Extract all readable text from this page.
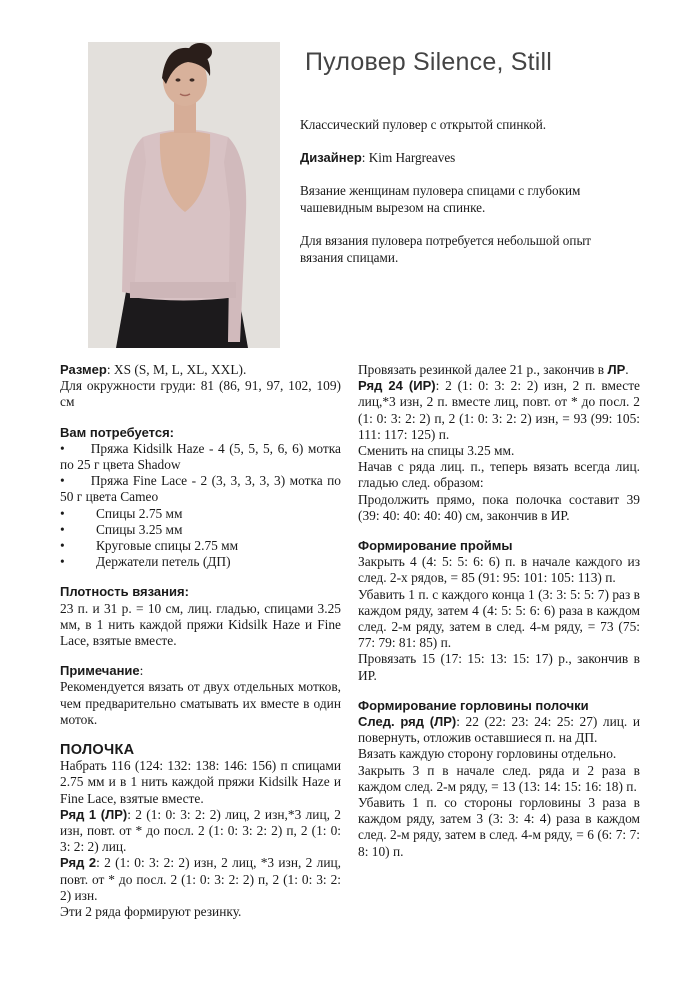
Пуловер Silence, Still

Классический пуловер с открытой спинкой.

Дизайнер: Kim Hargreaves

Вязание женщинам пуловера спицами с глубоким чашевидным вырезом на спинке.

Для вязания пуловера потребуется небольшой опыт вязания спицами.

Размер: XS (S, M, L, XL, XXL).

Для окружности груди: 81 (86, 91, 97, 102, 109) см

Вам потребуется:

• Пряжа Kidsilk Haze - 4 (5, 5, 5, 6, 6) мотка по 25 г цвета Shadow

• Пряжа Fine Lace - 2 (3, 3, 3, 3, 3) мотка по 50 г цвета Cameo

•	Спицы 2.75 мм
•	Спицы 3.25 мм
•	Круговые спицы 2.75 мм
•	Держатели петель (ДП)

Плотность вязания:

23 п. и 31 р. = 10 см, лиц. гладью, спицами 3.25 мм, в 1 нить каждой пряжи Kidsilk Haze и Fine Lace, взятые вместе.

Примечание:

Рекомендуется вязать от двух отдельных мотков, чем предварительно сматывать их вместе в один моток.

ПОЛОЧКА

Набрать 116 (124: 132: 138: 146: 156) п спицами 2.75 мм и в 1 нить каждой пряжи Kidsilk Haze и Fine Lace, взятые вместе.

Ряд 1 (ЛР): 2 (1: 0: 3: 2: 2) лиц, 2 изн,*3 лиц, 2 изн, повт. от * до посл. 2 (1: 0: 3: 2: 2) п, 2 (1: 0: 3: 2: 2) лиц.

Ряд 2: 2 (1: 0: 3: 2: 2) изн, 2 лиц, *3 изн, 2 лиц, повт. от * до посл. 2 (1: 0: 3: 2: 2) п, 2 (1: 0: 3: 2: 2) изн.

Эти 2 ряда формируют резинку.

Провязать резинкой далее 21 р., закончив в ЛР.

Ряд 24 (ИР): 2 (1: 0: 3: 2: 2) изн, 2 п. вместе лиц,*3 изн, 2 п. вместе лиц, повт. от * до посл. 2 (1: 0: 3: 2: 2) п, 2 (1: 0: 3: 2: 2) изн, = 93 (99: 105: 111: 117: 125) п.

Сменить на спицы 3.25 мм.

Начав с ряда лиц. п., теперь вязать всегда лиц. гладью след. образом:

Продолжить прямо, пока полочка составит 39 (39: 40: 40: 40: 40) см, закончив в ИР.

Формирование проймы

Закрыть 4 (4: 5: 5: 6: 6) п. в начале каждого из след. 2-х рядов, = 85 (91: 95: 101: 105: 113) п.

Убавить 1 п. с каждого конца 1 (3: 3: 5: 5: 7) раз в каждом ряду, затем 4 (4: 5: 5: 6: 6) раза в каждом след. 2-м ряду, затем в след. 4-м ряду, = 73 (75: 77: 79: 81: 85) п.

Провязать 15 (17: 15: 13: 15: 17) р., закончив в ИР.

Формирование горловины полочки

След. ряд (ЛР): 22 (22: 23: 24: 25: 27) лиц. и повернуть, отложив оставшиеся п. на ДП.

Вязать каждую сторону горловины отдельно.

Закрыть 3 п в начале след. ряда и 2 раза в каждом след. 2-м ряду, = 13 (13: 14: 15: 16: 18) п.

Убавить 1 п. со стороны горловины 3 раза в каждом ряду, затем 3 (3: 3: 4: 4) раза в каждом след. 2-м ряду, затем в след. 4-м ряду, = 6 (6: 7: 7: 8: 10) п.
